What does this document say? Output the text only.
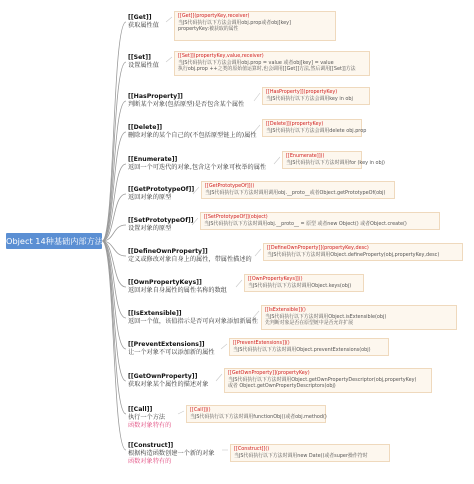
Object 14种基础内部方法
[[Get]]
获取属性值
[[Get]](propertyKey,receiver)
当JS代码执行以下方法会调用obj.prop或者obj[key]
propertyKey:被获取的属性
[[Set]]
设置属性值
[[Set]](propertyKey,value,receiver)
当JS代码执行以下方法会调用obj.prop = value 或者obj[key] = value
执行obj.prop ++之类的原始值运算时,也会调用[[Get]]方法,然后调用[[Set]]方法
[[HasProperty]]
判断某个对象(包括原型)是否包含某个属性
[[HasProperty]](propertyKey)
当JS代码执行以下方法会调用key in obj
[[Delete]]
删除对象的某个自己的(不包括原型链上的)属性
[[Delete]](propertyKey)
当JS代码执行以下方法会调用delete obj.prop
[[Enumerate]]
返回一个可迭代的对象,包含这个对象可枚举的属性
[[Enumerate]]()
当JS代码执行以下方法时调用for (key in obj)
[[GetPrototypeOf]]
返回对象的原型
[[GetPrototypeOf]]()
当JS代码执行以下方法时调用调用obj.__proto__或者Object.getPrototypeOf(obj)
[[SetPrototypeOf]]
设置对象的原型
[[SetPrototypeOf]](object)
当JS代码执行以下方法时调用obj.__proto__ = 原型 或者new Object() 或者Object.create()
[[DefineOwnProperty]]
定义或修改对象自身上的属性，带属性描述的
[[DefineOwnProperty]](propertyKey,desc)
当JS代码执行以下方法时调用Object.defineProperty(obj,propertyKey,desc)
[[OwnPropertyKeys]]
返回对象自身属性的属性名称的数组
[[OwnPropertyKeys]]()
当JS代码执行以下方法时调用Object.keys(obj)
[[IsExtensible]]
返回一个值，该值指示是否可向对象添加新属性
[[IsExtensible]]()
当JS代码执行以下方法时调用Object.isExtensible(obj)
先判断对象是否在原型链中是否允许扩展
[[PreventExtensions]]
让一个对象不可以添加新的属性
[[PreventExtensions]]()
当JS代码执行以下方法时调用Object.preventExtensions(obj)
[[GetOwnProperty]]
获取对象某个属性的描述对象
[[GetOwnProperty]](propertyKey)
当JS代码执行以下方法时调用Object.getOwnPropertyDescriptor(obj,propertyKey)
或者 Object.getOwnPropertyDescriptors(obj)
[[Call]]
执行一个方法
函数对象特有的
[[Call]]()
当JS代码执行以下方法时调用functionObj()或者obj.method()
[[Construct]]
根据构造函数创建一个新的对象
函数对象特有的
[[Construct]]()
当JS代码执行以下方法时调用new Date()或者super操作符时
